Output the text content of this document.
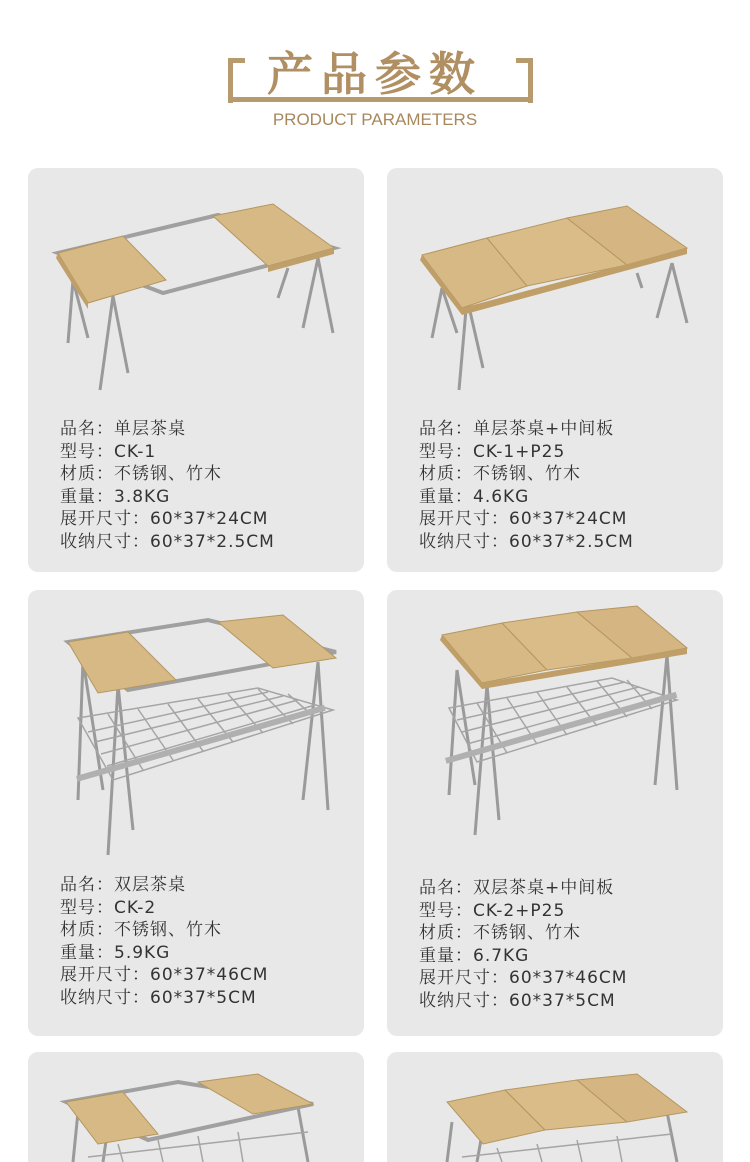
产品参数
PRODUCT PARAMETERS
品名：单层茶桌
型号：CK-1
材质：不锈钢、竹木
重量：3.8KG
展开尺寸：60*37*24CM
收纳尺寸：60*37*2.5CM
品名：单层茶桌+中间板
型号：CK-1+P25
材质：不锈钢、竹木
重量：4.6KG
展开尺寸：60*37*24CM
收纳尺寸：60*37*2.5CM
品名：双层茶桌
型号：CK-2
材质：不锈钢、竹木
重量：5.9KG
展开尺寸：60*37*46CM
收纳尺寸：60*37*5CM
品名：双层茶桌+中间板
型号：CK-2+P25
材质：不锈钢、竹木
重量：6.7KG
展开尺寸：60*37*46CM
收纳尺寸：60*37*5CM
